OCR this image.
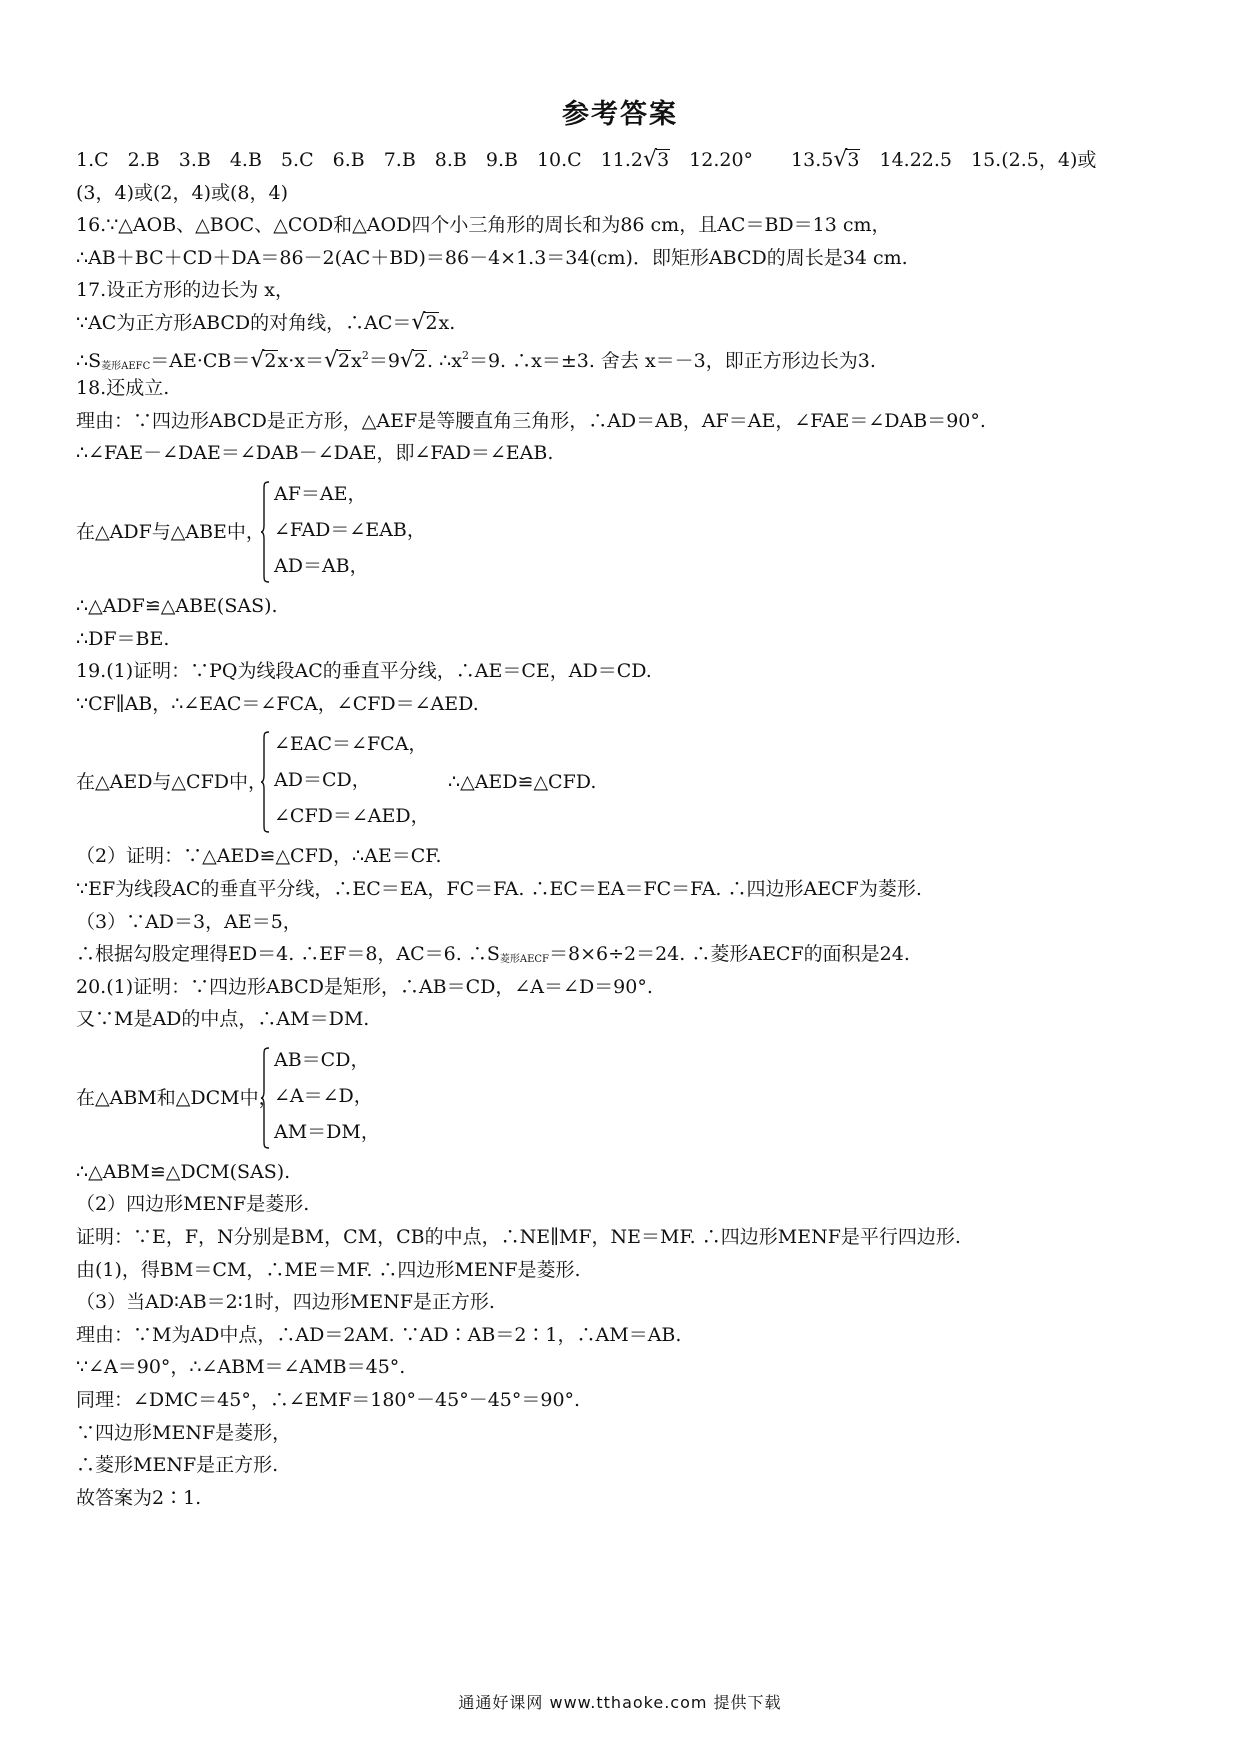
参考答案
1.C　2.B　3.B　4.B　5.C　6.B　7.B　8.B　9.B　10.C　11.2√3　12.20°　　13.5√3　14.22.5　15.(2.5，4)或
(3，4)或(2，4)或(8，4)
16.∵△AOB、△BOC、△COD和△AOD四个小三角形的周长和为86 cm，且AC＝BD＝13 cm，
∴AB＋BC＋CD＋DA＝86－2(AC＋BD)＝86－4×1.3＝34(cm)．即矩形ABCD的周长是34 cm.
17.设正方形的边长为 x，
∵AC为正方形ABCD的对角线，∴AC＝√2x.
$\therefore S_{菱形AEFC}=AE\cdot CB=√2x\cdot x=√2x^2=9√2$. $\therefore x^2=9$. ∴x＝±3. 舍去 x＝－3，即正方形边长为3.
18.还成立.
理由：∵四边形ABCD是正方形，△AEF是等腰直角三角形，∴AD＝AB，AF＝AE，∠FAE＝∠DAB＝90°.
∴∠FAE－∠DAE＝∠DAB－∠DAE，即∠FAD＝∠EAB.
在△ADF与△ABE中，
AF＝AE，
∠FAD＝∠EAB，
AD＝AB，
∴△ADF≌△ABE(SAS).
∴DF＝BE.
19.(1)证明：∵PQ为线段AC的垂直平分线，∴AE＝CE，AD＝CD.
∵CF∥AB，∴∠EAC＝∠FCA，∠CFD＝∠AED.
在△AED与△CFD中，
∠EAC＝∠FCA，
AD＝CD，
∠CFD＝∠AED，
∴△AED≌△CFD.
（2）证明：∵△AED≌△CFD，∴AE＝CF.
∵EF为线段AC的垂直平分线，∴EC＝EA，FC＝FA. ∴EC＝EA＝FC＝FA. ∴四边形AECF为菱形.
（3）∵AD＝3，AE＝5，
∴根据勾股定理得ED＝4. ∴EF＝8，AC＝6. $\therefore S_{菱形AECF}=8\times 6\div 2=24$. ∴菱形AECF的面积是24.
20.(1)证明：∵四边形ABCD是矩形，∴AB＝CD，∠A＝∠D＝90°.
又∵M是AD的中点，∴AM＝DM.
在△ABM和△DCM中，
AB＝CD，
∠A＝∠D，
AM＝DM，
∴△ABM≌△DCM(SAS).
（2）四边形MENF是菱形.
证明：∵E，F，N分别是BM，CM，CB的中点，∴NE∥MF，NE＝MF. ∴四边形MENF是平行四边形.
由(1)，得BM＝CM，∴ME＝MF. ∴四边形MENF是菱形.
（3）当AD∶AB＝2∶1时，四边形MENF是正方形.
理由：∵M为AD中点，∴AD＝2AM. ∵AD∶AB＝2∶1，∴AM＝AB.
∵∠A＝90°，∴∠ABM＝∠AMB＝45°.
同理：∠DMC＝45°，∴∠EMF＝180°－45°－45°＝90°.
∵四边形MENF是菱形，
∴菱形MENF是正方形.
故答案为2∶1.
通通好课网 www.tthaoke.com 提供下载
